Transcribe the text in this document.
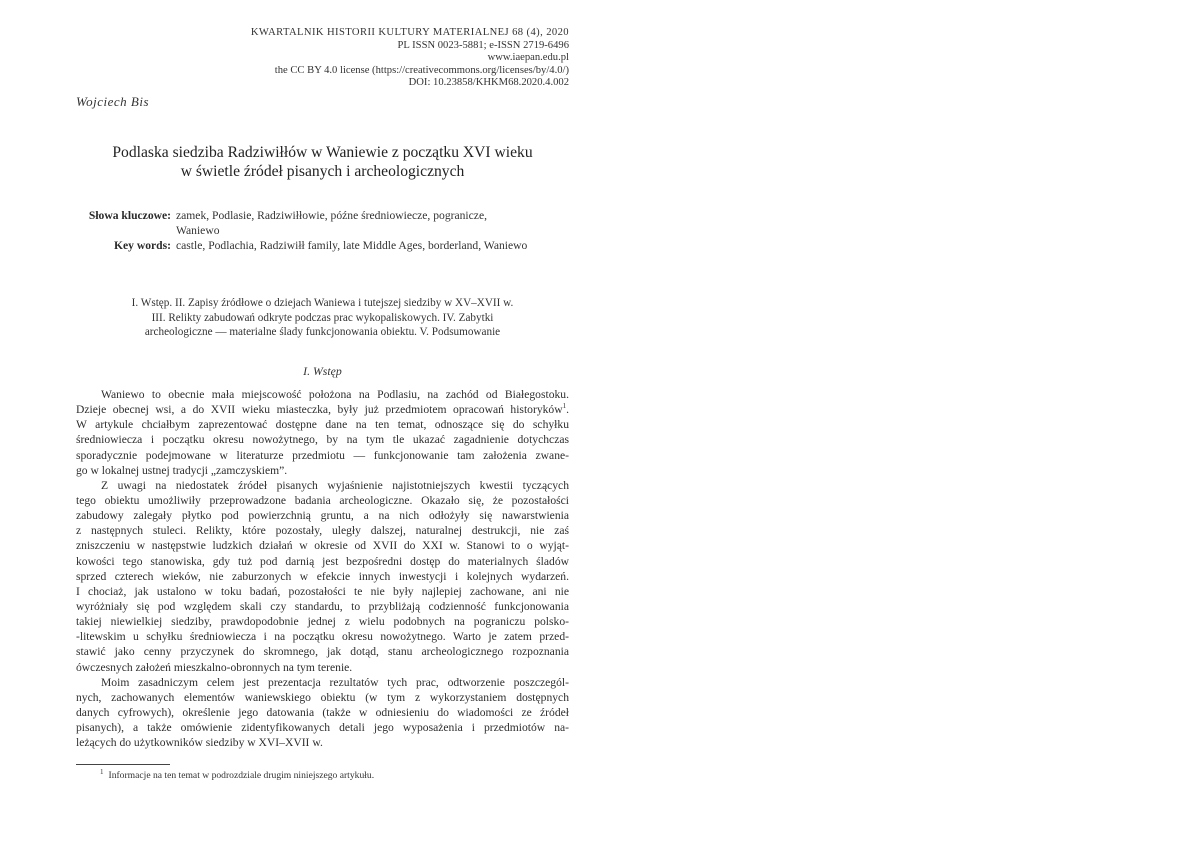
KWARTALNIK HISTORII KULTURY MATERIALNEJ 68 (4), 2020
PL ISSN 0023-5881; e-ISSN 2719-6496
www.iaepan.edu.pl
the CC BY 4.0 license (https://creativecommons.org/licenses/by/4.0/)
DOI: 10.23858/KHKM68.2020.4.002
Wojciech Bis
Podlaska siedziba Radziwiłłów w Waniewie z początku XVI wieku
w świetle źródeł pisanych i archeologicznych
Słowa kluczowe: zamek, Podlasie, Radziwiłłowie, późne średniowiecze, pogranicze, Waniewo
Key words: castle, Podlachia, Radziwiłł family, late Middle Ages, borderland, Waniewo
I. Wstęp. II. Zapisy źródłowe o dziejach Waniewa i tutejszej siedziby w XV–XVII w.
III. Relikty zabudowań odkryte podczas prac wykopaliskowych. IV. Zabytki
archeologiczne — materialne ślady funkcjonowania obiektu. V. Podsumowanie
I. Wstęp
Waniewo to obecnie mała miejscowość położona na Podlasiu, na zachód od Białegostoku.
Dzieje obecnej wsi, a do XVII wieku miasteczka, były już przedmiotem opracowań historyków$^1$.
W artykule chciałbym zaprezentować dostępne dane na ten temat, odnoszące się do schyłku
średniowiecza i początku okresu nowożytnego, by na tym tle ukazać zagadnienie dotychczas
sporadycznie podejmowane w literaturze przedmiotu — funkcjonowanie tam założenia zwane-
go w lokalnej ustnej tradycji „zamczyskiem”.
Z uwagi na niedostatek źródeł pisanych wyjaśnienie najistotniejszych kwestii tyczących
tego obiektu umożliwiły przeprowadzone badania archeologiczne. Okazało się, że pozostałości
zabudowy zalegały płytko pod powierzchnią gruntu, a na nich odłożyły się nawarstwienia
z następnych stuleci. Relikty, które pozostały, uległy dalszej, naturalnej destrukcji, nie zaś
zniszczeniu w następstwie ludzkich działań w okresie od XVII do XXI w. Stanowi to o wyjąt-
kowości tego stanowiska, gdy tuż pod darnią jest bezpośredni dostęp do materialnych śladów
sprzed czterech wieków, nie zaburzonych w efekcie innych inwestycji i kolejnych wydarzeń.
I chociaż, jak ustalono w toku badań, pozostałości te nie były najlepiej zachowane, ani nie
wyróżniały się pod względem skali czy standardu, to przybliżają codzienność funkcjonowania
takiej niewielkiej siedziby, prawdopodobnie jednej z wielu podobnych na pograniczu polsko-
-litewskim u schyłku średniowiecza i na początku okresu nowożytnego. Warto je zatem przed-
stawić jako cenny przyczynek do skromnego, jak dotąd, stanu archeologicznego rozpoznania
ówczesnych założeń mieszkalno-obronnych na tym terenie.
Moim zasadniczym celem jest prezentacja rezultatów tych prac, odtworzenie poszczegól-
nych, zachowanych elementów waniewskiego obiektu (w tym z wykorzystaniem dostępnych
danych cyfrowych), określenie jego datowania (także w odniesieniu do wiadomości ze źródeł
pisanych), a także omówienie zidentyfikowanych detali jego wyposażenia i przedmiotów na-
leżących do użytkowników siedziby w XVI–XVII w.
$^1$ Informacje na ten temat w podrozdziale drugim niniejszego artykułu.
